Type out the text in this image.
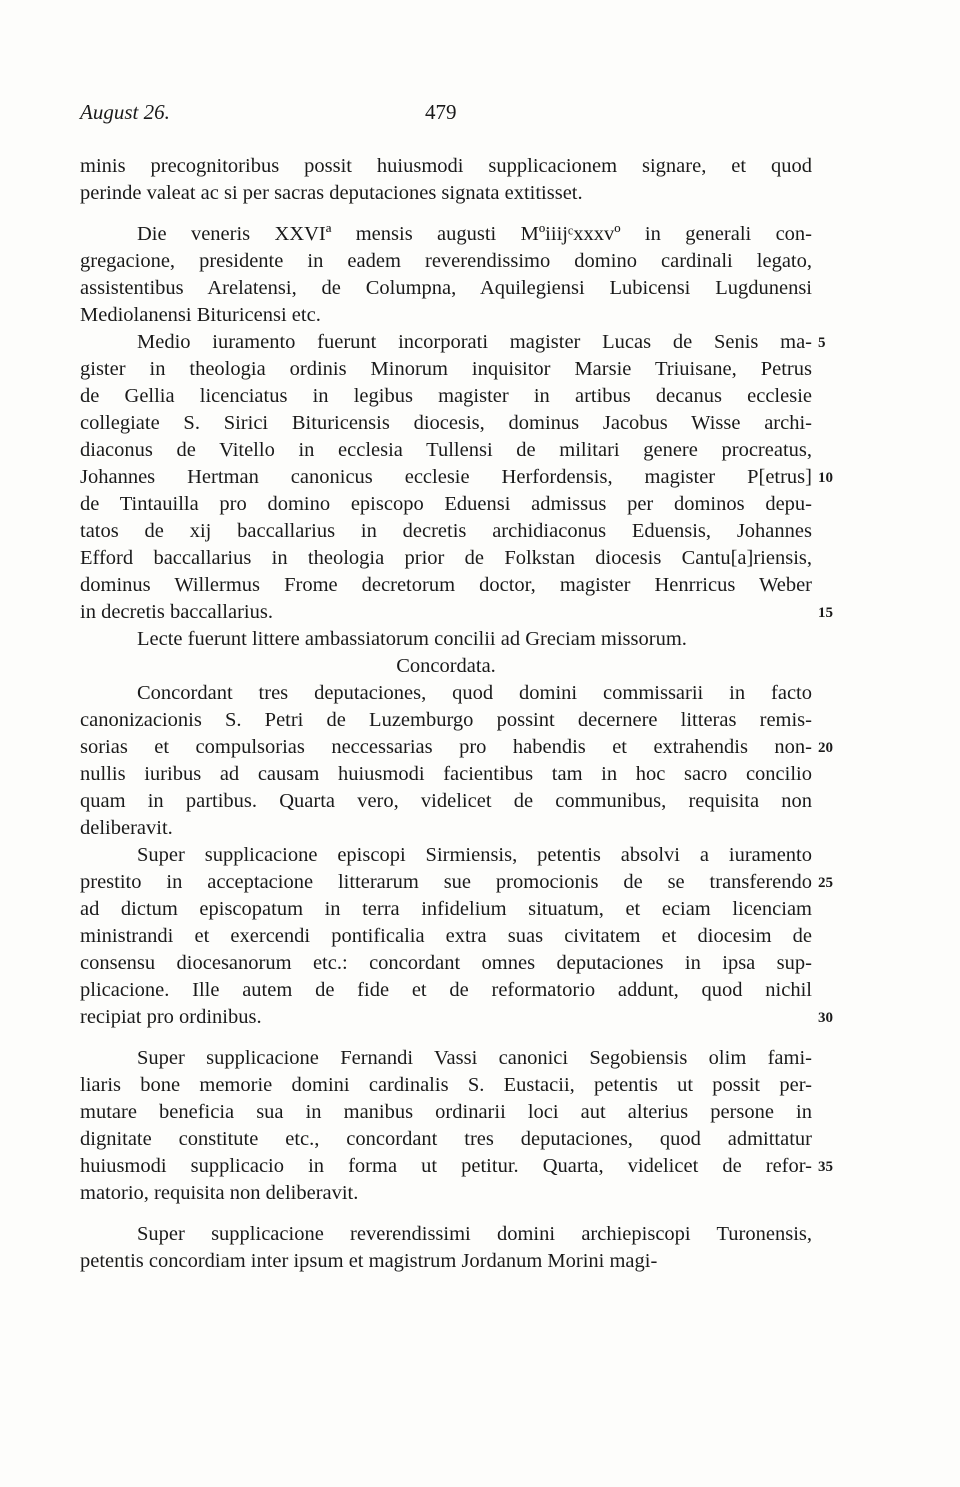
August 26.	479
minis precognitoribus possit huiusmodi supplicacionem signare, et quod
perinde valeat ac si per sacras deputaciones signata extitisset.
Die veneris XXVIª mensis augusti Mºiiijᶜxxxvº in generali con-
gregacione, presidente in eadem reverendissimo domino cardinali legato,
assistentibus Arelatensi, de Columpna, Aquilegiensi Lubicensi Lugdunensi
Mediolanensi Bituricensi etc.
Medio iuramento fuerunt incorporati magister Lucas de Senis ma-
gister in theologia ordinis Minorum inquisitor Marsie Triuisane, Petrus
de Gellia licenciatus in legibus magister in artibus decanus ecclesie
collegiate S. Sirici Bituricensis diocesis, dominus Jacobus Wisse archi-
diaconus de Vitello in ecclesia Tullensi de militari genere procreatus,
Johannes Hertman canonicus ecclesie Herfordensis, magister P[etrus]
de Tintauilla pro domino episcopo Eduensi admissus per dominos depu-
tatos de xij baccallarius in decretis archidiaconus Eduensis, Johannes
Efford baccallarius in theologia prior de Folkstan diocesis Cantu[a]riensis,
dominus Willermus Frome decretorum doctor, magister Henrricus Weber
in decretis baccallarius.
Lecte fuerunt littere ambassiatorum concilii ad Greciam missorum.
Concordata.
Concordant tres deputaciones, quod domini commissarii in facto
canonizacionis S. Petri de Luzemburgo possint decernere litteras remis-
sorias et compulsorias neccessarias pro habendis et extrahendis non-
nullis iuribus ad causam huiusmodi facientibus tam in hoc sacro concilio
quam in partibus. Quarta vero, videlicet de communibus, requisita non
deliberavit.
Super supplicacione episcopi Sirmiensis, petentis absolvi a iuramento
prestito in acceptacione litterarum sue promocionis de se transferendo
ad dictum episcopatum in terra infidelium situatum, et eciam licenciam
ministrandi et exercendi pontificalia extra suas civitatem et diocesim de
consensu diocesanorum etc.: concordant omnes deputaciones in ipsa sup-
plicacione. Ille autem de fide et de reformatorio addunt, quod nichil
recipiat pro ordinibus.
Super supplicacione Fernandi Vassi canonici Segobiensis olim fami-
liaris bone memorie domini cardinalis S. Eustacii, petentis ut possit per-
mutare beneficia sua in manibus ordinarii loci aut alterius persone in
dignitate constitute etc., concordant tres deputaciones, quod admittatur
huiusmodi supplicacio in forma ut petitur. Quarta, videlicet de refor-
matorio, requisita non deliberavit.
Super supplicacione reverendissimi domini archiepiscopi Turonensis,
petentis concordiam inter ipsum et magistrum Jordanum Morini magi-
5
10
15
20
25
30
35
